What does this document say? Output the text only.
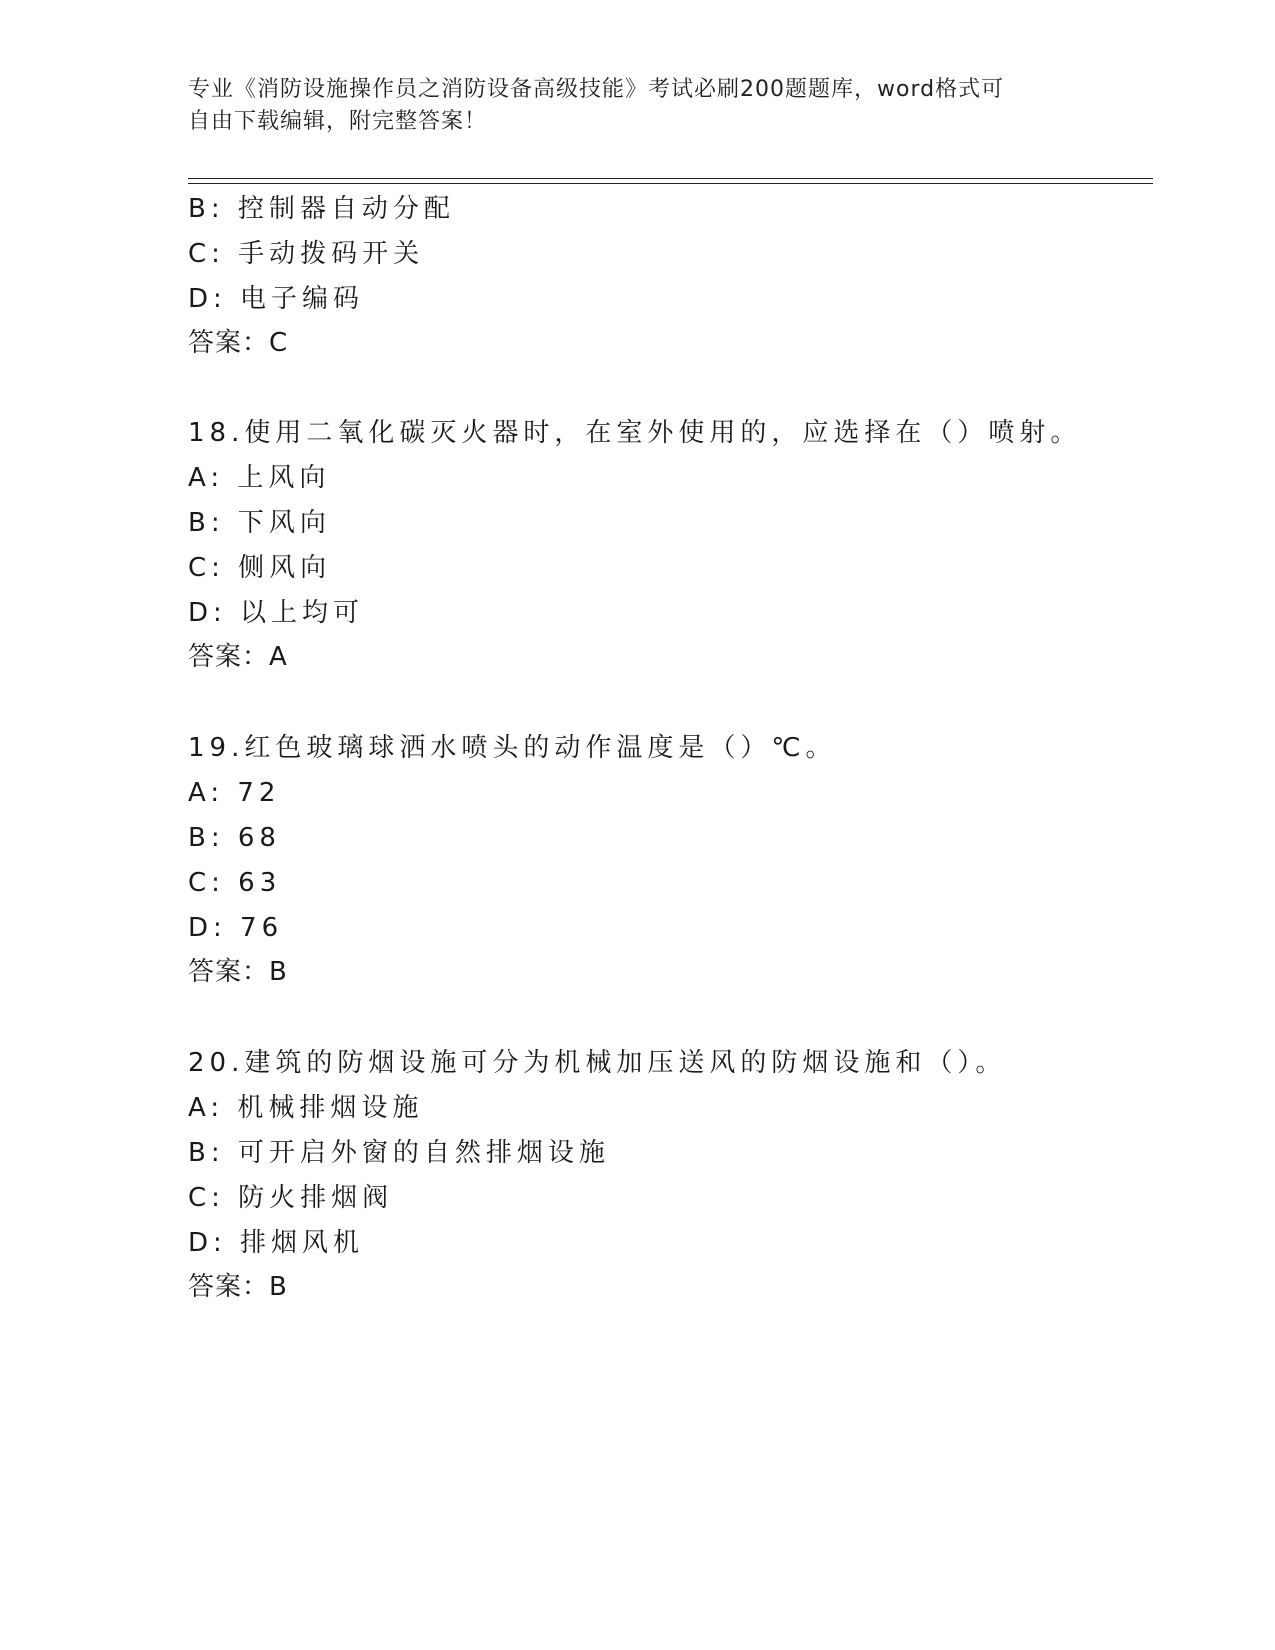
专业《消防设施操作员之消防设备高级技能》考试必刷200题题库，word格式可
自由下载编辑，附完整答案！
B: 控制器自动分配
C: 手动拨码开关
D: 电子编码
答案：C
18.使用二氧化碳灭火器时，在室外使用的，应选择在（）喷射。
A: 上风向
B: 下风向
C: 侧风向
D: 以上均可
答案：A
19.红色玻璃球洒水喷头的动作温度是（）℃。
A: 72
B: 68
C: 63
D: 76
答案：B
20.建筑的防烟设施可分为机械加压送风的防烟设施和（）。
A: 机械排烟设施
B: 可开启外窗的自然排烟设施
C: 防火排烟阀
D: 排烟风机
答案：B
